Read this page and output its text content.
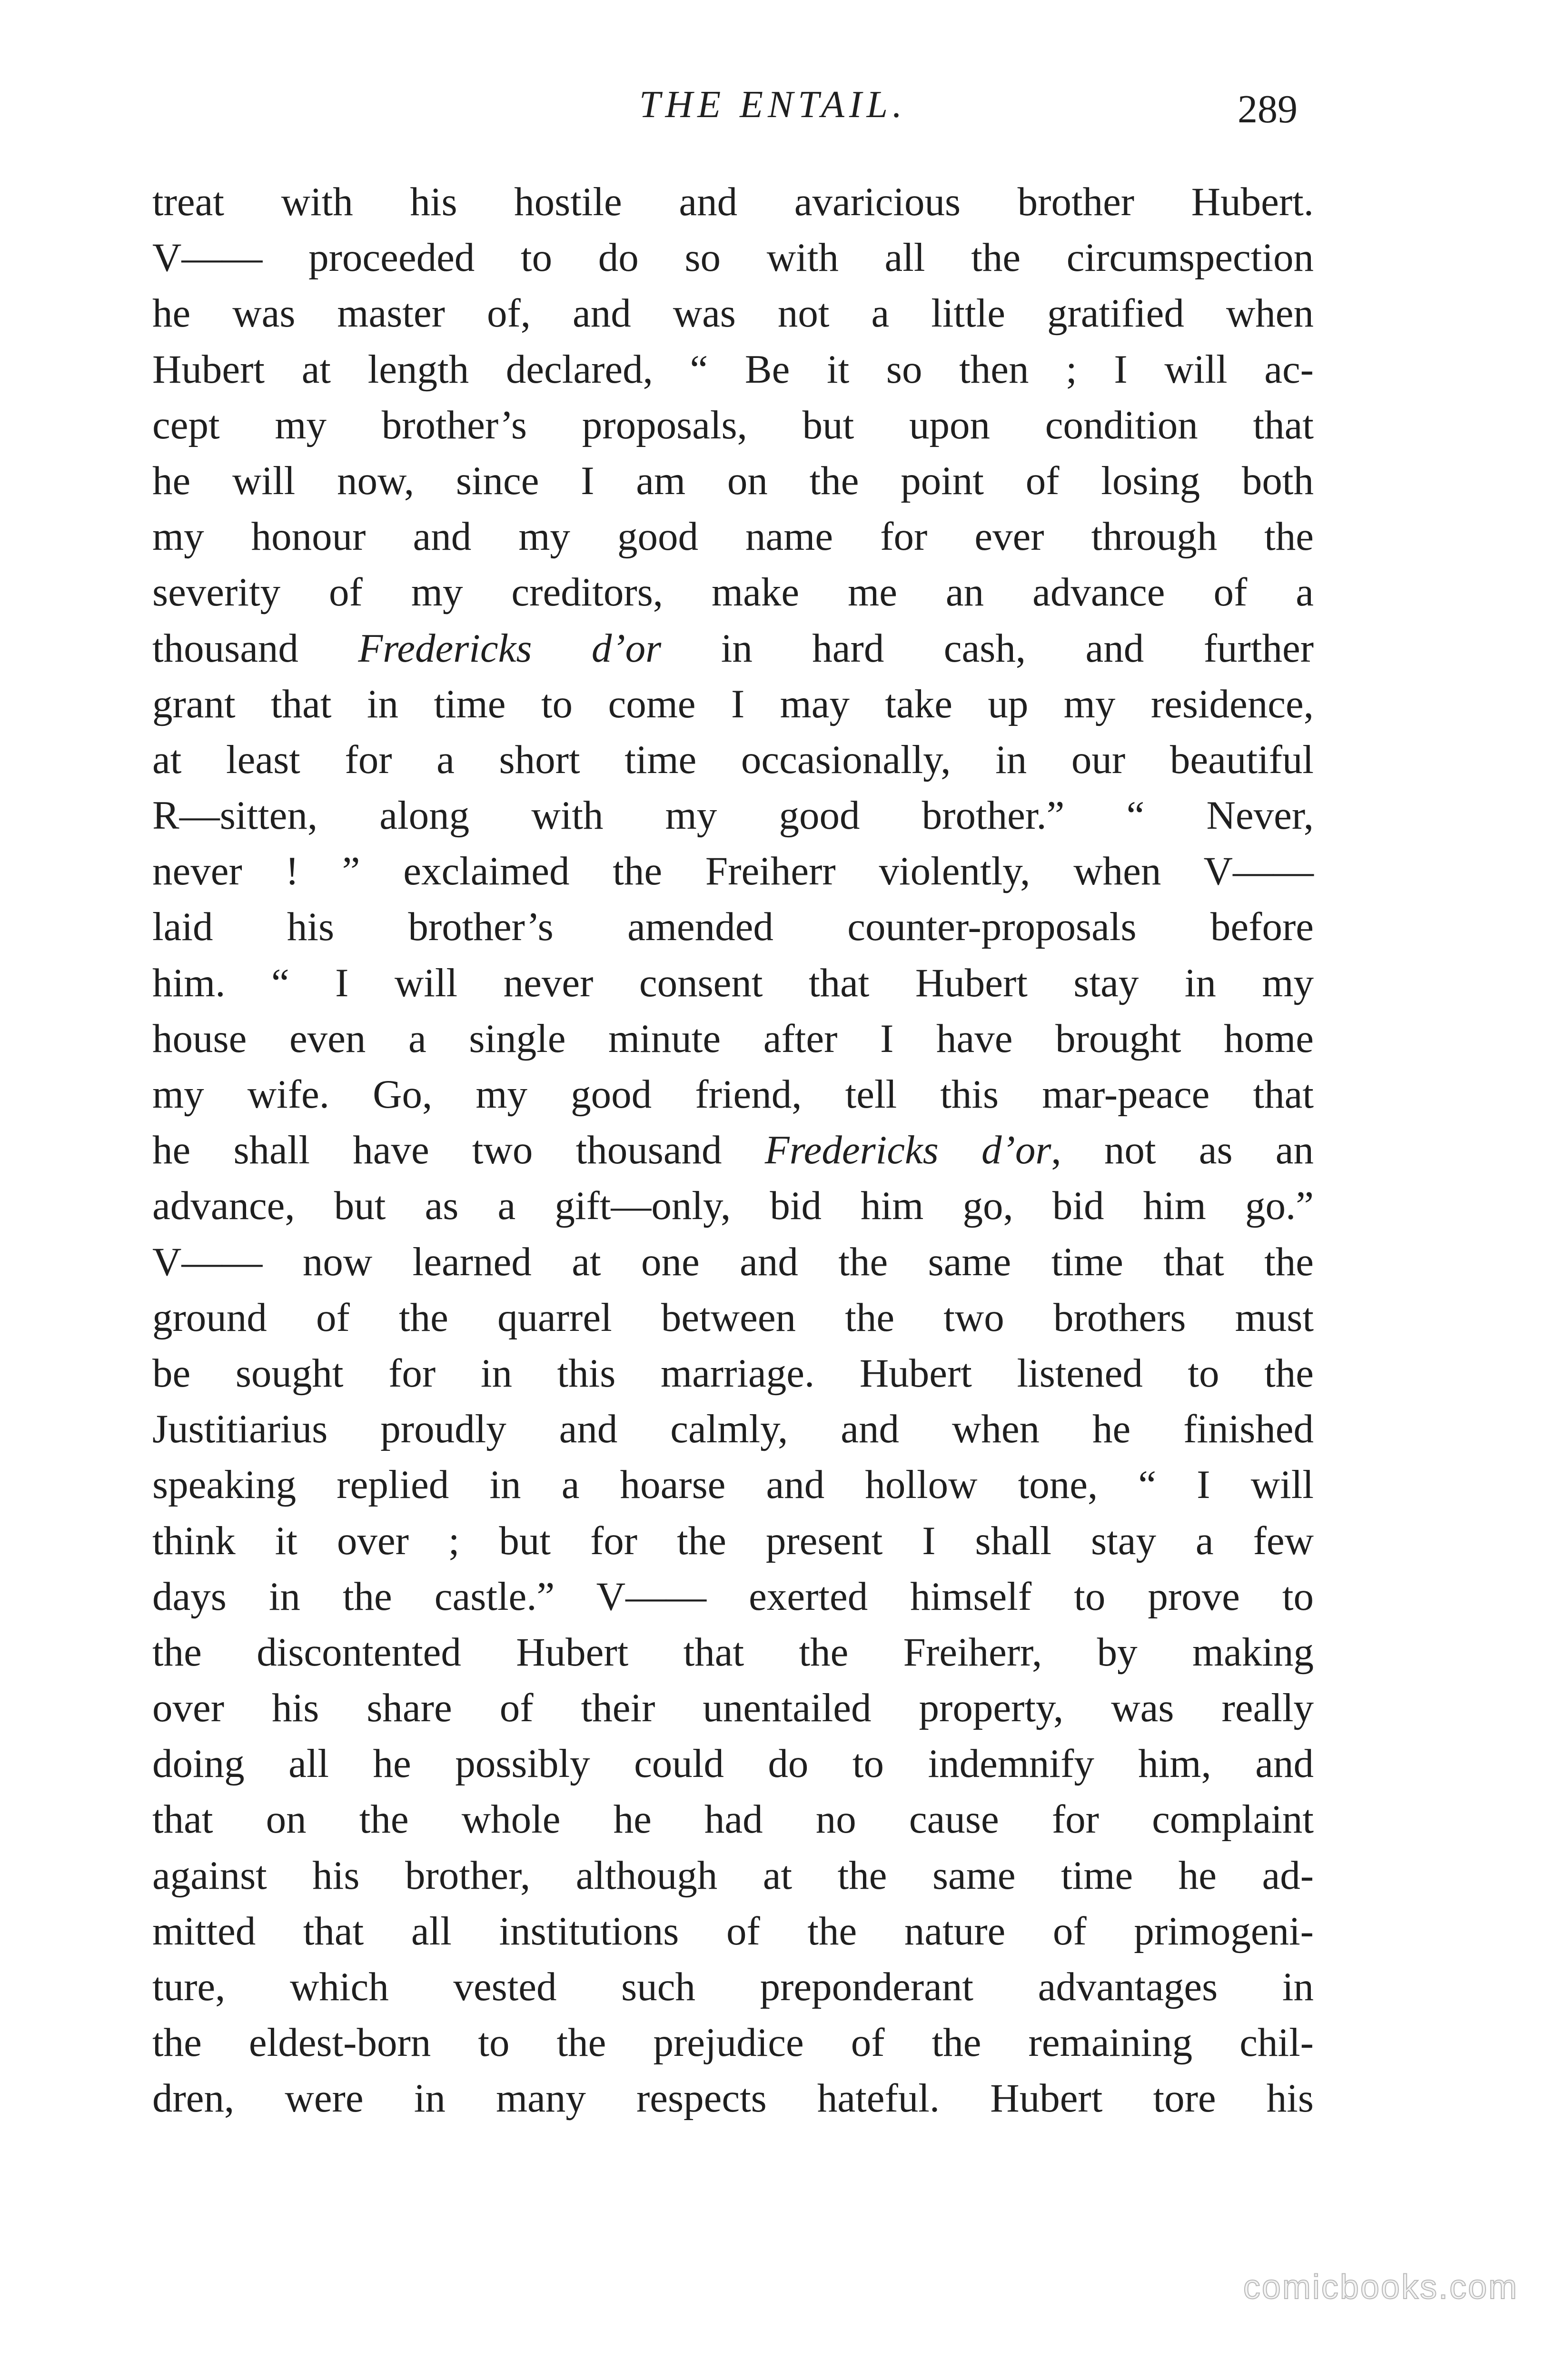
THE ENTAIL.	289
treat with his hostile and avaricious brother Hubert.
V—— proceeded to do so with all the circumspection
he was master of, and was not a little gratified when
Hubert at length declared, “ Be it so then ; I will ac-
cept my brother’s proposals, but upon condition that
he will now, since I am on the point of losing both
my honour and my good name for ever through the
severity of my creditors, make me an advance of a
thousand Fredericks d’or in hard cash, and further
grant that in time to come I may take up my residence,
at least for a short time occasionally, in our beautiful
R—sitten, along with my good brother.” “ Never,
never ! ” exclaimed the Freiherr violently, when V——
laid his brother’s amended counter-proposals before
him. “ I will never consent that Hubert stay in my
house even a single minute after I have brought home
my wife. Go, my good friend, tell this mar-peace that
he shall have two thousand Fredericks d’or, not as an
advance, but as a gift—only, bid him go, bid him go.”
V—— now learned at one and the same time that the
ground of the quarrel between the two brothers must
be sought for in this marriage. Hubert listened to the
Justitiarius proudly and calmly, and when he finished
speaking replied in a hoarse and hollow tone, “ I will
think it over ; but for the present I shall stay a few
days in the castle.” V—— exerted himself to prove to
the discontented Hubert that the Freiherr, by making
over his share of their unentailed property, was really
doing all he possibly could do to indemnify him, and
that on the whole he had no cause for complaint
against his brother, although at the same time he ad-
mitted that all institutions of the nature of primogeni-
ture, which vested such preponderant advantages in
the eldest-born to the prejudice of the remaining chil-
dren, were in many respects hateful. Hubert tore his
comicbooks.com
